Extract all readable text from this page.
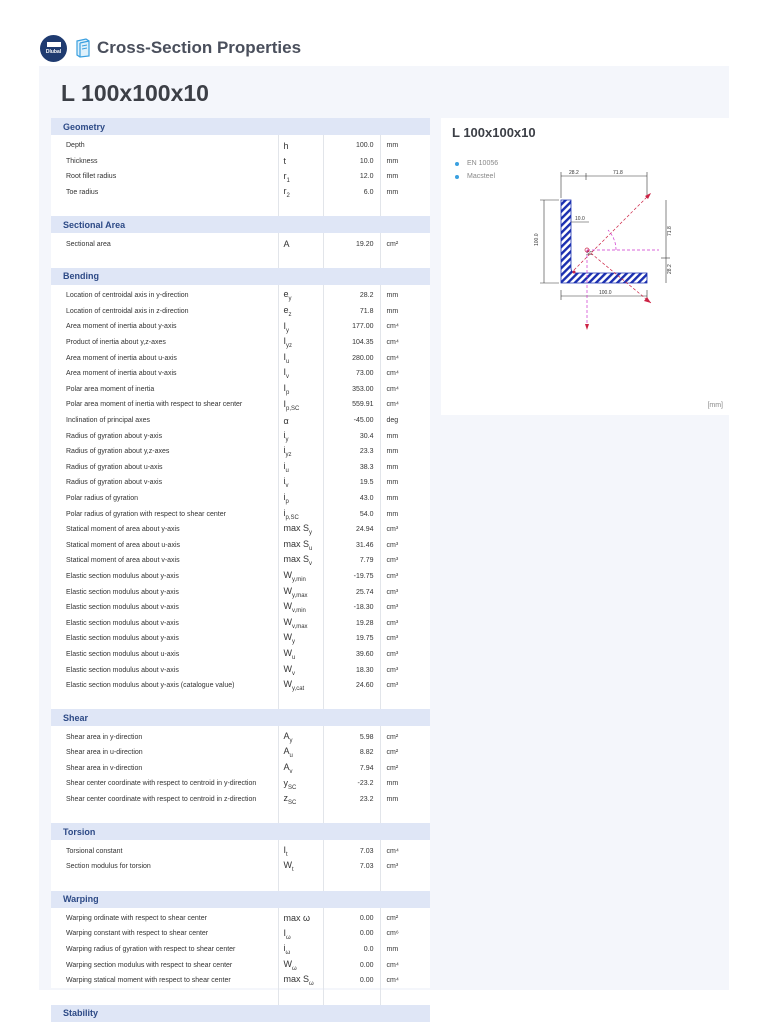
Dlubal Cross-Section Properties
L 100x100x10
Geometry			

Depth	h	100.0	mm
Thickness	t	10.0	mm
Root fillet radius	$r_1$	12.0	mm
Toe radius	$r_2$	6.0	mm

Sectional Area			

Sectional area	A	19.20	cm²

Bending			

Location of centroidal axis in y-direction	$e_y$	28.2	mm
Location of centroidal axis in z-direction	$e_z$	71.8	mm
Area moment of inertia about y-axis	$I_y$	177.00	cm⁴
Product of inertia about y,z-axes	$I_{yz}$	104.35	cm⁴
Area moment of inertia about u-axis	$I_u$	280.00	cm⁴
Area moment of inertia about v-axis	$I_v$	73.00	cm⁴
Polar area moment of inertia	$I_p$	353.00	cm⁴
Polar area moment of inertia with respect to shear center	$I_{p,SC}$	559.91	cm⁴
Inclination of principal axes	α	-45.00	deg
Radius of gyration about y-axis	$i_y$	30.4	mm
Radius of gyration about y,z-axes	$i_{yz}$	23.3	mm
Radius of gyration about u-axis	$i_u$	38.3	mm
Radius of gyration about v-axis	$i_v$	19.5	mm
Polar radius of gyration	$i_p$	43.0	mm
Polar radius of gyration with respect to shear center	$i_{p,SC}$	54.0	mm
Statical moment of area about y-axis	$\max S_y$	24.94	cm³
Statical moment of area about u-axis	$\max S_u$	31.46	cm³
Statical moment of area about v-axis	$\max S_v$	7.79	cm³
Elastic section modulus about y-axis	$W_{y,min}$	-19.75	cm³
Elastic section modulus about y-axis	$W_{y,max}$	25.74	cm³
Elastic section modulus about v-axis	$W_{v,min}$	-18.30	cm³
Elastic section modulus about v-axis	$W_{v,max}$	19.28	cm³
Elastic section modulus about y-axis	$W_y$	19.75	cm³
Elastic section modulus about u-axis	$W_u$	39.60	cm³
Elastic section modulus about v-axis	$W_v$	18.30	cm³
Elastic section modulus about y-axis (catalogue value)	$W_{y,cat}$	24.60	cm³

Shear			

Shear area in y-direction	$A_y$	5.98	cm²
Shear area in u-direction	$A_u$	8.82	cm²
Shear area in v-direction	$A_v$	7.94	cm²
Shear center coordinate with respect to centroid in y-direction	$y_{SC}$	-23.2	mm
Shear center coordinate with respect to centroid in z-direction	$z_{SC}$	23.2	mm

Torsion			

Torsional constant	$I_t$	7.03	cm⁴
Section modulus for torsion	$W_t$	7.03	cm³

Warping			

Warping ordinate with respect to shear center	max ω	0.00	cm²
Warping constant with respect to shear center	$I_\omega$	0.00	cm⁶
Warping radius of gyration with respect to shear center	$i_\omega$	0.0	mm
Warping section modulus with respect to shear center	$W_\omega$	0.00	cm⁴
Warping statical moment with respect to shear center	$\max S_\omega$	0.00	cm⁴

Stability			
L 100x100x10
EN 10056
Macsteel	28.2	71.8
100.0
71.8
28.2
100.0
10.0
SC
[mm]
